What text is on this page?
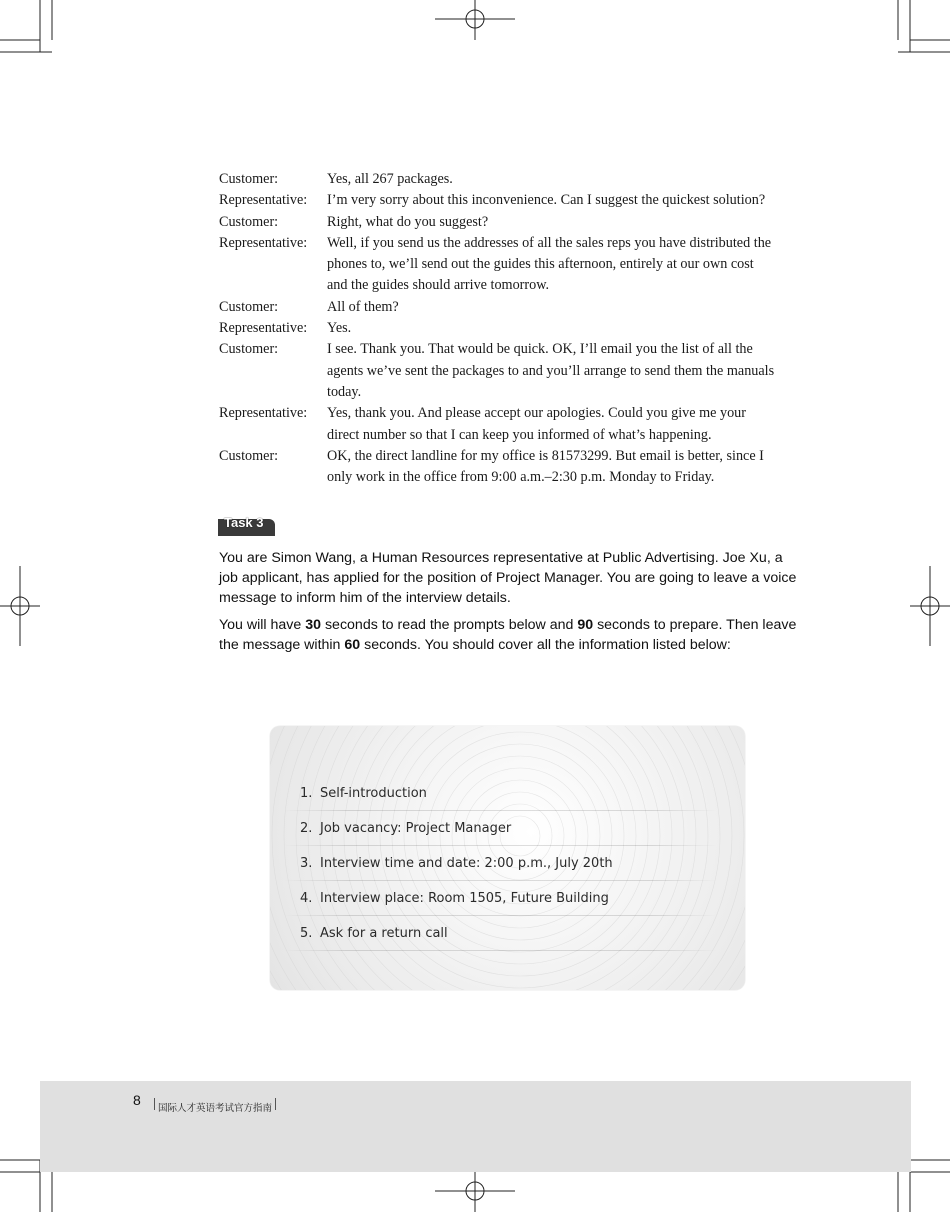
Customer:	Yes, all 267 packages.
Representative:	I’m very sorry about this inconvenience. Can I suggest the quickest solution?
Customer:	Right, what do you suggest?
Representative:	Well, if you send us the addresses of all the sales reps you have distributed the
phones to, we’ll send out the guides this afternoon, entirely at our own cost
and the guides should arrive tomorrow.
Customer:	All of them?
Representative:	Yes.
Customer:	I see. Thank you. That would be quick. OK, I’ll email you the list of all the
agents we’ve sent the packages to and you’ll arrange to send them the manuals
today.
Representative:	Yes, thank you. And please accept our apologies. Could you give me your
direct number so that I can keep you informed of what’s happening.
Customer:	OK, the direct landline for my office is 81573299. But email is better, since I
only work in the office from 9:00 a.m.–2:30 p.m. Monday to Friday.
Task 3

You are Simon Wang, a Human Resources representative at Public Advertising. Joe Xu, a
job applicant, has applied for the position of Project Manager. You are going to leave a voice
message to inform him of the interview details.

You will have 30 seconds to read the prompts below and 90 seconds to prepare. Then leave
the message within 60 seconds. You should cover all the information listed below:

1. Self-introduction
2. Job vacancy: Project Manager
3. Interview time and date: 2:00 p.m., July 20th
4. Interview place: Room 1505, Future Building
5. Ask for a return call
8
国际人才英语考试官方指南
